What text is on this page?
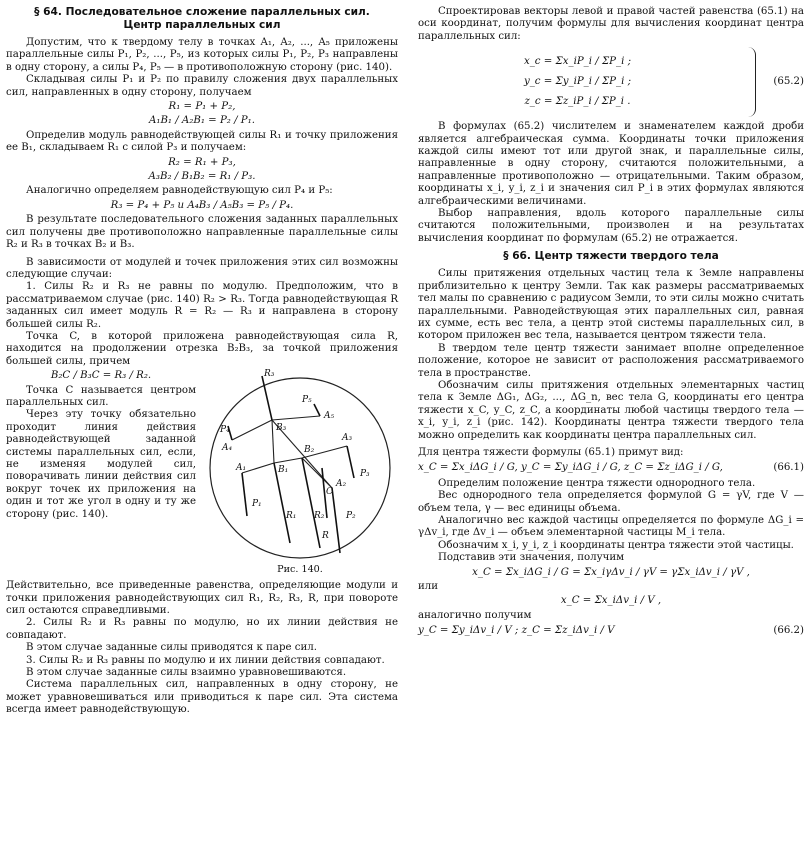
§ 64. Последовательное сложение параллельных сил.
Центр параллельных сил

Допустим, что к твердому телу в точках A₁, A₂, ..., A₅ приложены параллельные силы P₁, P₂, ..., P₅, из которых силы P₁, P₂, P₃ направлены в одну сторону, а силы P₄, P₅ — в противоположную сторону (рис. 140).

Складывая силы P₁ и P₂ по правилу сложения двух параллельных сил, направленных в одну сторону, получаем

R₁ = P₁ + P₂,
A₁B₁ / A₂B₁ = P₂ / P₁.

Определив модуль равнодействующей силы R₁ и точку приложения ее B₁, складываем R₁ с силой P₃ и получаем:

R₂ = R₁ + P₃,
A₃B₂ / B₁B₂ = R₁ / P₃.

Аналогично определяем равнодействующую сил P₄ и P₅:

R₃ = P₄ + P₅ и A₄B₃ / A₅B₃ = P₅ / P₄.

В результате последовательного сложения заданных параллельных сил получены две противоположно направленные параллельные силы R₂ и R₃ в точках B₂ и B₃.

В зависимости от модулей и точек приложения этих сил возможны следующие случаи:

1. Силы R₂ и R₃ не равны по модулю. Предположим, что в рассматриваемом случае (рис. 140) R₂ > R₃. Тогда равнодействующая R заданных сил имеет модуль R = R₂ — R₃ и направлена в сторону большей силы R₂.

Точка C, в которой приложена равнодействующая сила R, находится на продолжении отрезка B₂B₃, за точкой приложения большей силы, причем

B₂C / B₃C = R₃ / R₂.

Точка C называется центром параллельных сил.

Через эту точку обязательно проходит линия действия равнодействующей заданной системы параллельных сил, если, не изменяя модулей сил, поворачивать линии действия сил вокруг точек их приложения на один и тот же угол в одну и ту же сторону (рис. 140).

R₃
P₅
A₅
A₄
B₃
P₄
B₂
A₃
A₁	B₁
A₂
P₃
P₁
R₁ R₂
C
P₂
R
Рис. 140.

Действительно, все приведенные равенства, определяющие модули и точки приложения равнодействующих сил R₁, R₂, R₃, R, при повороте сил остаются справедливыми.

2. Силы R₂ и R₃ равны по модулю, но их линии действия не совпадают.

В этом случае заданные силы приводятся к паре сил.

3. Силы R₂ и R₃ равны по модулю и их линии действия совпадают.

В этом случае заданные силы взаимно уравновешиваются.

Система параллельных сил, направленных в одну сторону, не может уравновешиваться или приводиться к паре сил. Эта система всегда имеет равнодействующую.

Спроектировав векторы левой и правой частей равенства (65.1) на оси координат, получим формулы для вычисления координат центра параллельных сил:

x_c = Σx_iP_i / ΣP_i ;
y_c = Σy_iP_i / ΣP_i ;
z_c = Σz_iP_i / ΣP_i .
(65.2)

В формулах (65.2) числителем и знаменателем каждой дроби является алгебраическая сумма. Координаты точки приложения каждой силы имеют тот или другой знак, и параллельные силы, направленные в одну сторону, считаются положительными, а направленные противоположно — отрицательными. Таким образом, координаты x_i, y_i, z_i и значения сил P_i в этих формулах являются алгебраическими величинами.

Выбор направления, вдоль которого параллельные силы считаются положительными, произволен и на результатах вычисления координат по формулам (65.2) не отражается.

§ 66. Центр тяжести твердого тела

Силы притяжения отдельных частиц тела к Земле направлены приблизительно к центру Земли. Так как размеры рассматриваемых тел малы по сравнению с радиусом Земли, то эти силы можно считать параллельными. Равнодействующая этих параллельных сил, равная их сумме, есть вес тела, а центр этой системы параллельных сил, в котором приложен вес тела, называется центром тяжести тела.

В твердом теле центр тяжести занимает вполне определенное положение, которое не зависит от расположения рассматриваемого тела в пространстве.

Обозначим силы притяжения отдельных элементарных частиц тела к Земле ΔG₁, ΔG₂, ..., ΔG_n, вес тела G, координаты его центра тяжести x_C, y_C, z_C, а координаты любой частицы твердого тела — x_i, y_i, z_i (рис. 142). Координаты центра тяжести твердого тела можно определить как координаты центра параллельных сил.

Для центра тяжести формулы (65.1) примут вид:

x_C = Σx_iΔG_i / G, y_C = Σy_iΔG_i / G, z_C = Σz_iΔG_i / G,	(66.1)

Определим положение центра тяжести однородного тела.

Вес однородного тела определяется формулой G = γV, где V — объем тела, γ — вес единицы объема.

Аналогично вес каждой частицы определяется по формуле ΔG_i = γΔv_i, где Δv_i — объем элементарной частицы M_i тела.

Обозначим x_i, y_i, z_i координаты центра тяжести этой частицы.

Подставив эти значения, получим

x_C = Σx_iΔG_i / G = Σx_iγΔv_i / γV = γΣx_iΔv_i / γV ,

или

x_C = Σx_iΔv_i / V ,

аналогично получим

y_C = Σy_iΔv_i / V ; z_C = Σz_iΔv_i / V	(66.2)
